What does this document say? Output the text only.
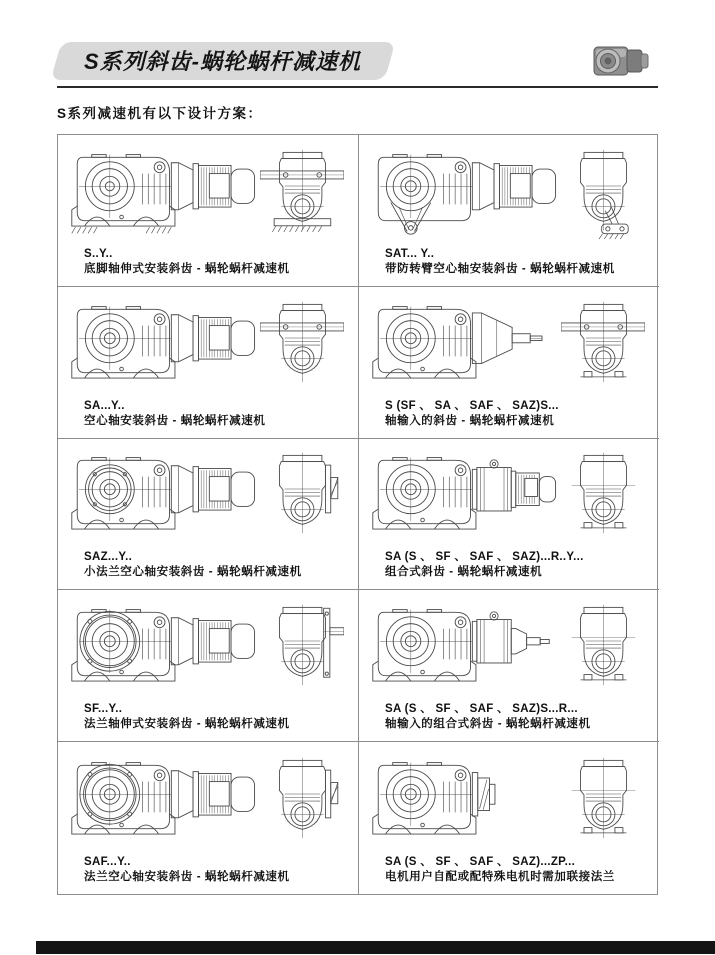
S系列斜齿-蜗轮蜗杆减速机
S系列减速机有以下设计方案：
S..Y..
底脚轴伸式安装斜齿 - 蜗轮蜗杆减速机
SAT... Y..
带防转臂空心轴安装斜齿 - 蜗轮蜗杆减速机
SA...Y..
空心轴安装斜齿 - 蜗轮蜗杆减速机
S (SF 、 SA 、 SAF 、 SAZ)S...
轴输入的斜齿 - 蜗轮蜗杆减速机
SAZ...Y..
小法兰空心轴安装斜齿 - 蜗轮蜗杆减速机
SA (S 、 SF 、 SAF 、 SAZ)...R..Y...
组合式斜齿 - 蜗轮蜗杆减速机
SF...Y..
法兰轴伸式安装斜齿 - 蜗轮蜗杆减速机
SA (S 、 SF 、 SAF 、 SAZ)S...R...
轴输入的组合式斜齿 - 蜗轮蜗杆减速机
SAF...Y..
法兰空心轴安装斜齿 - 蜗轮蜗杆减速机
SA (S 、 SF 、 SAF 、 SAZ)...ZP...
电机用户自配或配特殊电机时需加联接法兰
